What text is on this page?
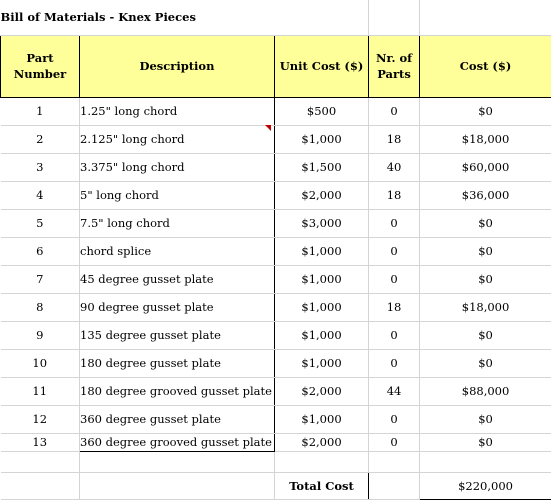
Bill of Materials - Knex Pieces				
Part Number	Description	Unit Cost ($)	Nr. of Parts	Cost ($)
1	1.25" long chord	$500	0	$0
2	2.125" long chord	$1,000	18	$18,000
3	3.375" long chord	$1,500	40	$60,000
4	5" long chord	$2,000	18	$36,000
5	7.5" long chord	$3,000	0	$0
6	chord splice	$1,000	0	$0
7	45 degree gusset plate	$1,000	0	$0
8	90 degree gusset plate	$1,000	18	$18,000
9	135 degree gusset plate	$1,000	0	$0
10	180 degree gusset plate	$1,000	0	$0
11	180 degree grooved gusset plate	$2,000	44	$88,000
12	360 degree gusset plate	$1,000	0	$0
13	360 degree grooved gusset plate	$2,000	0	$0

		Total Cost		$220,000
